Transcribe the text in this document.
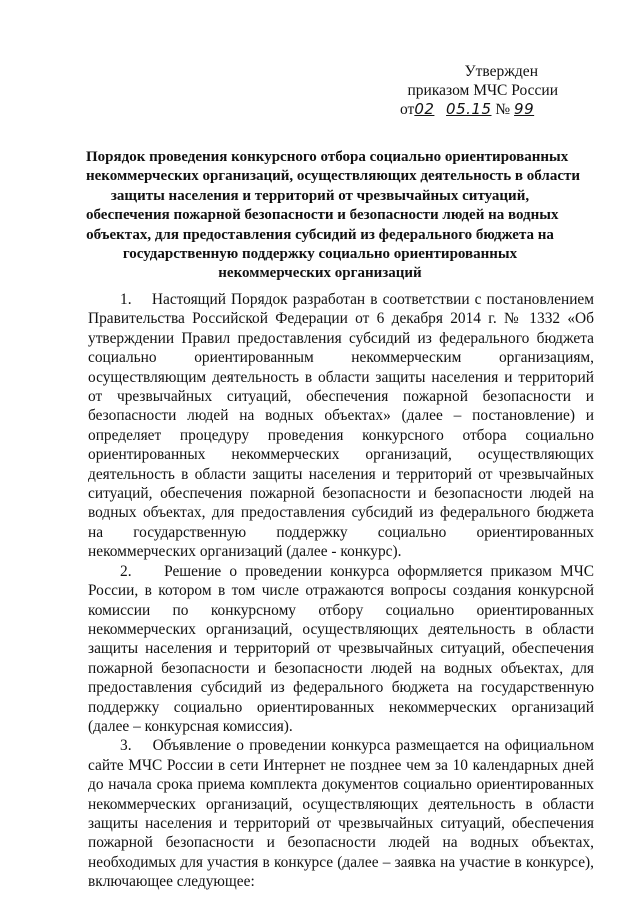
Утвержден
приказом МЧС России
от02 05.15 № 99
Порядок проведения конкурсного отбора социально ориентированных
некоммерческих организаций, осуществляющих деятельность в области
защиты населения и территорий от чрезвычайных ситуаций,
обеспечения пожарной безопасности и безопасности людей на водных
объектах, для предоставления субсидий из федерального бюджета на
государственную поддержку социально ориентированных
некоммерческих организаций

1.    Настоящий Порядок разработан в соответствии с постановлением Правительства Российской Федерации от 6 декабря 2014 г. № 1332 «Об утверждении Правил предоставления субсидий из федерального бюджета социально ориентированным некоммерческим организациям, осуществляющим деятельность в области защиты населения и территорий от чрезвычайных ситуаций, обеспечения пожарной безопасности и безопасности людей на водных объектах» (далее – постановление) и определяет процедуру проведения конкурсного отбора социально ориентированных некоммерческих организаций, осуществляющих деятельность в области защиты населения и территорий от чрезвычайных ситуаций, обеспечения пожарной безопасности и безопасности людей на водных объектах, для предоставления субсидий из федерального бюджета на государственную поддержку социально ориентированных некоммерческих организаций (далее - конкурс).

2.    Решение о проведении конкурса оформляется приказом МЧС России, в котором в том числе отражаются вопросы создания конкурсной комиссии по конкурсному отбору социально ориентированных некоммерческих организаций, осуществляющих деятельность в области защиты населения и территорий от чрезвычайных ситуаций, обеспечения пожарной безопасности и безопасности людей на водных объектах, для предоставления субсидий из федерального бюджета на государственную поддержку социально ориентированных некоммерческих организаций (далее – конкурсная комиссия).

3.    Объявление о проведении конкурса размещается на официальном сайте МЧС России в сети Интернет не позднее чем за 10 календарных дней до начала срока приема комплекта документов социально ориентированных некоммерческих организаций, осуществляющих деятельность в области защиты населения и территорий от чрезвычайных ситуаций, обеспечения пожарной безопасности и безопасности людей на водных объектах, необходимых для участия в конкурсе (далее – заявка на участие в конкурсе), включающее следующее:
